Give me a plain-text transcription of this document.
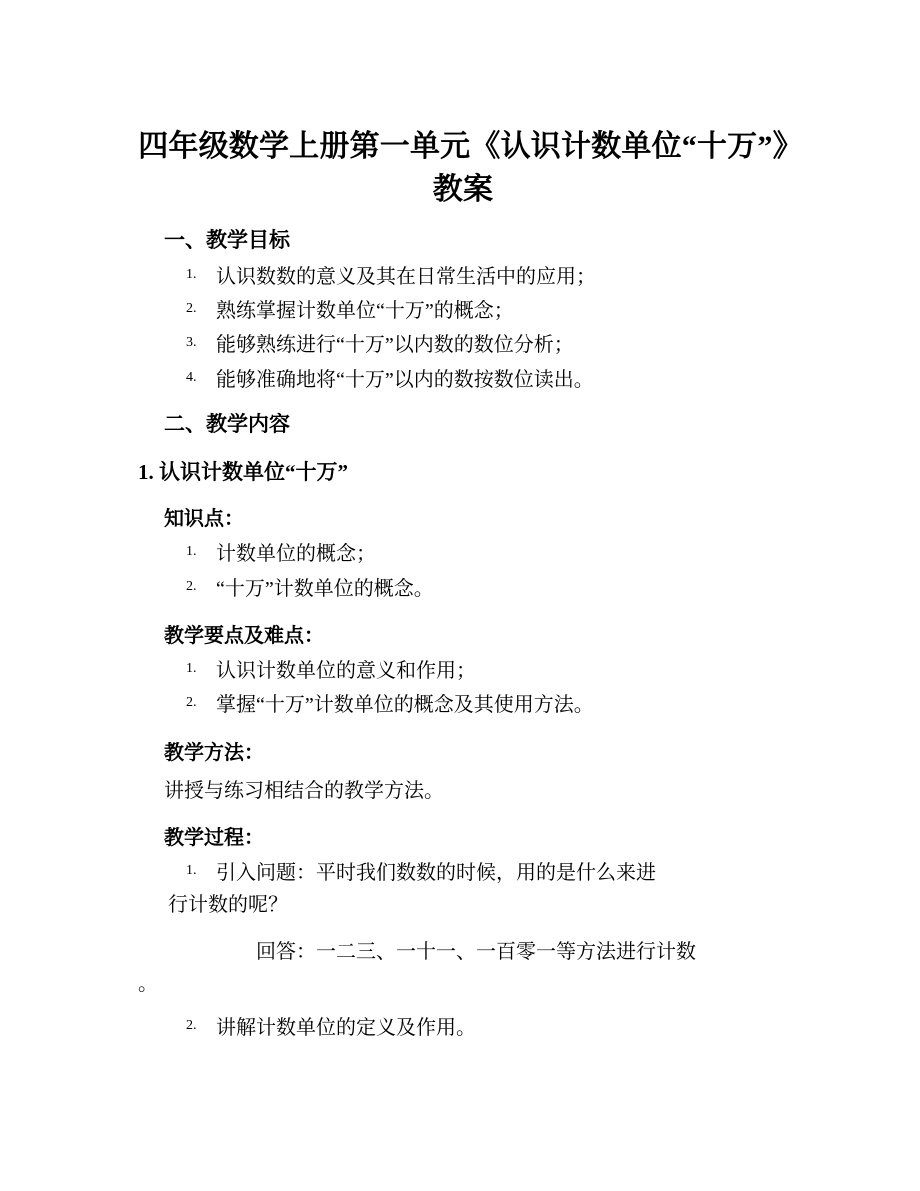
四年级数学上册第一单元《认识计数单位“十万”》教案
一、教学目标
1. 认识数数的意义及其在日常生活中的应用；
2. 熟练掌握计数单位“十万”的概念；
3. 能够熟练进行“十万”以内数的数位分析；
4. 能够准确地将“十万”以内的数按数位读出。
二、教学内容
1. 认识计数单位“十万”
知识点：
1. 计数单位的概念；
2. “十万”计数单位的概念。
教学要点及难点：
1. 认识计数单位的意义和作用；
2. 掌握“十万”计数单位的概念及其使用方法。
教学方法：

讲授与练习相结合的教学方法。

教学过程：
1. 引入问题：平时我们数数的时候，用的是什么来进
行计数的呢？
回答：一二三、一十一、一百零一等方法进行计数
。
2. 讲解计数单位的定义及作用。
